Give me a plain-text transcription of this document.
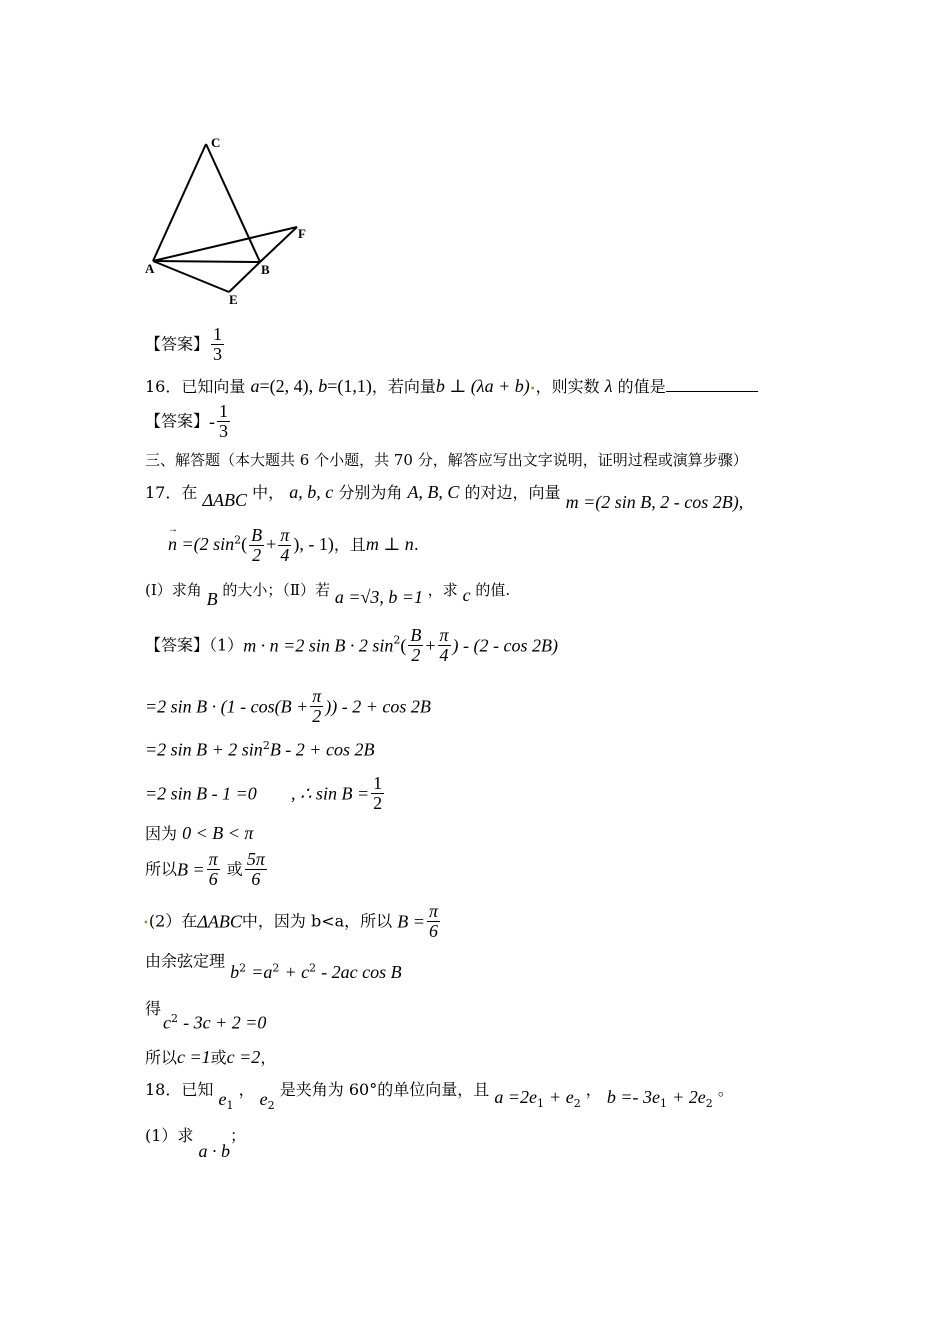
C
A	B
E
F
【答案】 $\frac{1}{3}$
16．已知向量 a=(2, 4), b=(1,1)，若向量b ⊥ (λa + b)•，则实数 λ 的值是
【答案】- $\frac{1}{3}$
三、解答题（本大题共 6 个小题，共 70 分，解答应写出文字说明，证明过程或演算步骤）
17．在 ΔABC 中， a, b, c 分别为角 A, B, C 的对边，向量 m =(2 sin B, 2 - cos 2B),
→ n =(2 $\sin^2( \frac{B}{2} + \frac{\pi}{4}$ ), - 1)，且m ⊥ n.
(I）求角 B 的大小；（Ⅱ）若 a =√3, b =1 ，求 c 的值.
【答案】（1）m · n =2 sin B · 2 $\sin^2( \frac{B}{2} + \frac{\pi}{4}$ ) - (2 - cos 2B)
=2 $\sin B \cdot (1 - \cos(B + \frac{\pi}{2}$ )) - 2 + cos 2B
=2 sin B + 2 $\sin^2B - 2 + \cos 2B$
=2 sin B - 1 =0 , ∴ $\sin B = \frac{1}{2}$
因为 0 < B < π
所以$B = \frac{\pi}{6}$ 或 $\frac{5\pi}{6}$
•(2）在ΔABC中，因为 b<a，所以 $B = \frac{\pi}{6}$
由余弦定理 $b^2 =a^2 + c^2 - 2ac$ cos B
得
$c^2 - 3c + 2 =0$
所以c =1或c =2，
18．已知 $e_1$ ， $e_2$ 是夹角为 60°的单位向量，且 $a =2e_1 + e_2$ ， $b =- 3e_1 + 2e_2$ 。
(1）求 a · b；
